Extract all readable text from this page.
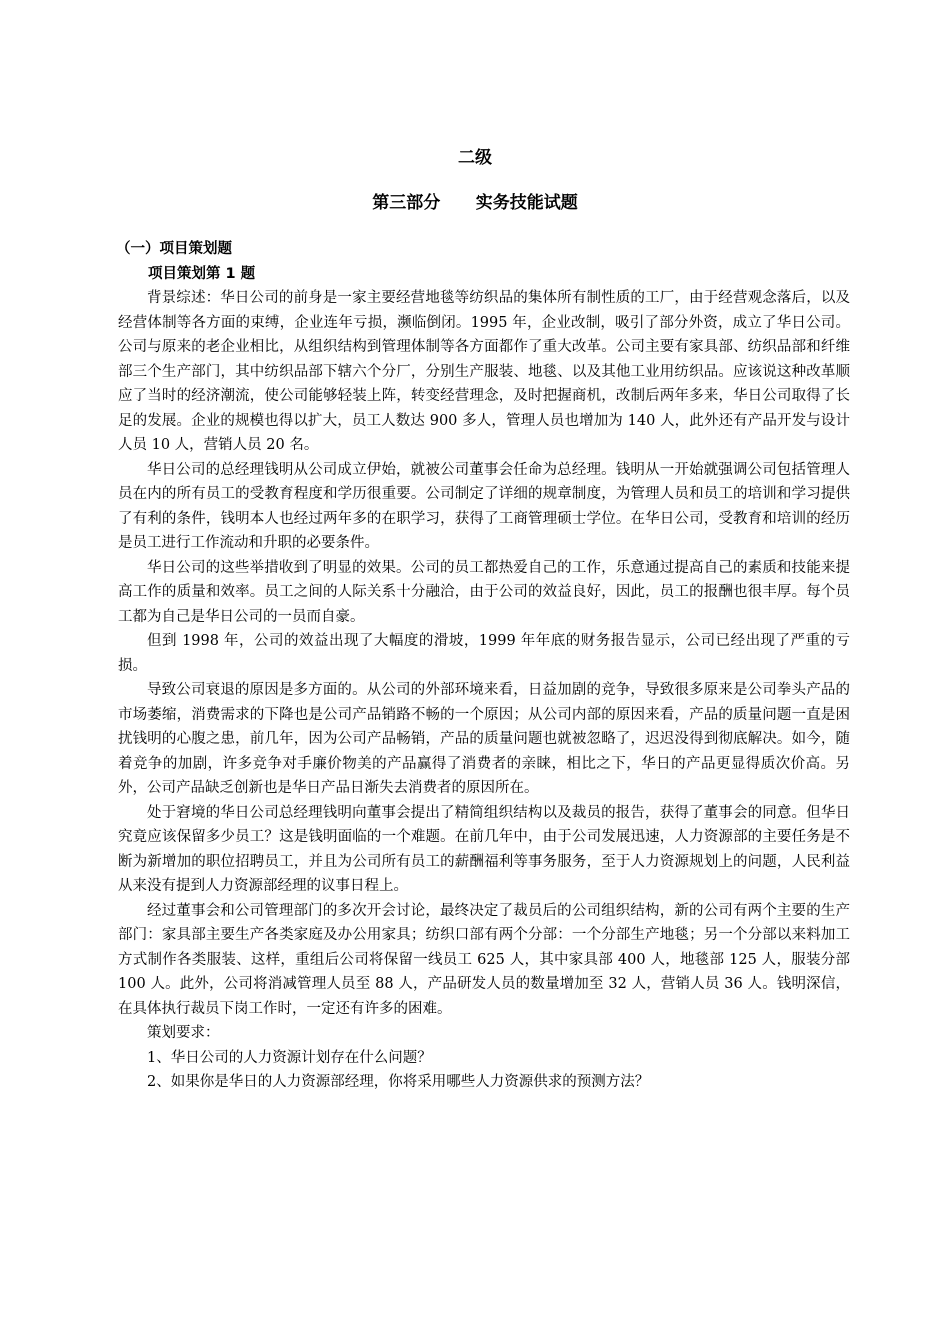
二级
第三部分      实务技能试题
（一）项目策划题
项目策划第 1 题

背景综述：华日公司的前身是一家主要经营地毯等纺织品的集体所有制性质的工厂，由于经营观念落后，以及经营体制等各方面的束缚，企业连年亏损，濒临倒闭。1995 年，企业改制，吸引了部分外资，成立了华日公司。公司与原来的老企业相比，从组织结构到管理体制等各方面都作了重大改革。公司主要有家具部、纺织品部和纤维部三个生产部门，其中纺织品部下辖六个分厂，分别生产服装、地毯、以及其他工业用纺织品。应该说这种改革顺应了当时的经济潮流，使公司能够轻装上阵，转变经营理念，及时把握商机，改制后两年多来，华日公司取得了长足的发展。企业的规模也得以扩大，员工人数达 900 多人，管理人员也增加为 140 人，此外还有产品开发与设计人员 10 人，营销人员 20 名。

华日公司的总经理钱明从公司成立伊始，就被公司董事会任命为总经理。钱明从一开始就强调公司包括管理人员在内的所有员工的受教育程度和学历很重要。公司制定了详细的规章制度，为管理人员和员工的培训和学习提供了有利的条件，钱明本人也经过两年多的在职学习，获得了工商管理硕士学位。在华日公司，受教育和培训的经历是员工进行工作流动和升职的必要条件。

华日公司的这些举措收到了明显的效果。公司的员工都热爱自己的工作，乐意通过提高自己的素质和技能来提高工作的质量和效率。员工之间的人际关系十分融洽，由于公司的效益良好，因此，员工的报酬也很丰厚。每个员工都为自己是华日公司的一员而自豪。

但到 1998 年，公司的效益出现了大幅度的滑坡，1999 年年底的财务报告显示，公司已经出现了严重的亏损。

导致公司衰退的原因是多方面的。从公司的外部环境来看，日益加剧的竞争，导致很多原来是公司拳头产品的市场萎缩，消费需求的下降也是公司产品销路不畅的一个原因；从公司内部的原因来看，产品的质量问题一直是困扰钱明的心腹之患，前几年，因为公司产品畅销，产品的质量问题也就被忽略了，迟迟没得到彻底解决。如今，随着竞争的加剧，许多竞争对手廉价物美的产品赢得了消费者的亲睐，相比之下，华日的产品更显得质次价高。另外，公司产品缺乏创新也是华日产品日渐失去消费者的原因所在。

处于窘境的华日公司总经理钱明向董事会提出了精简组织结构以及裁员的报告，获得了董事会的同意。但华日究竟应该保留多少员工？这是钱明面临的一个难题。在前几年中，由于公司发展迅速，人力资源部的主要任务是不断为新增加的职位招聘员工，并且为公司所有员工的薪酬福利等事务服务，至于人力资源规划上的问题，人民利益从来没有提到人力资源部经理的议事日程上。

经过董事会和公司管理部门的多次开会讨论，最终决定了裁员后的公司组织结构，新的公司有两个主要的生产部门：家具部主要生产各类家庭及办公用家具；纺织口部有两个分部：一个分部生产地毯；另一个分部以来料加工方式制作各类服装、这样，重组后公司将保留一线员工 625 人，其中家具部 400 人，地毯部 125 人，服装分部 100 人。此外，公司将消减管理人员至 88 人，产品研发人员的数量增加至 32 人，营销人员 36 人。钱明深信，在具体执行裁员下岗工作时，一定还有许多的困难。

策划要求：

1、华日公司的人力资源计划存在什么问题？

2、如果你是华日的人力资源部经理，你将采用哪些人力资源供求的预测方法？
